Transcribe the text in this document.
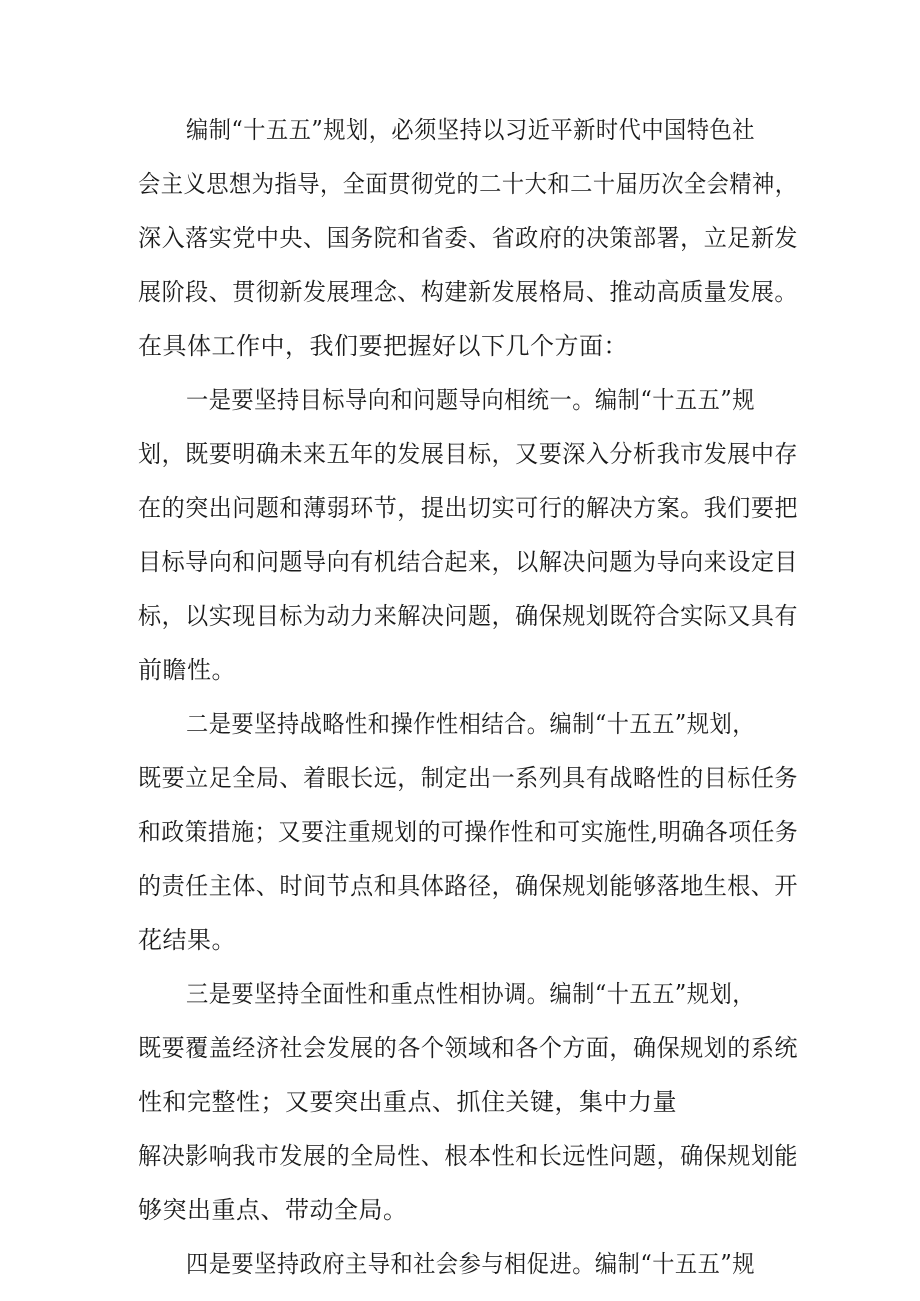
编制“十五五”规划，必须坚持以习近平新时代中国特色社
会主义思想为指导，全面贯彻党的二十大和二十届历次全会精神，
深入落实党中央、国务院和省委、省政府的决策部署，立足新发
展阶段、贯彻新发展理念、构建新发展格局、推动高质量发展。
在具体工作中，我们要把握好以下几个方面：
一是要坚持目标导向和问题导向相统一。编制“十五五”规
划，既要明确未来五年的发展目标，又要深入分析我市发展中存
在的突出问题和薄弱环节，提出切实可行的解决方案。我们要把
目标导向和问题导向有机结合起来，以解决问题为导向来设定目
标，以实现目标为动力来解决问题，确保规划既符合实际又具有
前瞻性。
二是要坚持战略性和操作性相结合。编制“十五五”规划，
既要立足全局、着眼长远，制定出一系列具有战略性的目标任务
和政策措施；又要注重规划的可操作性和可实施性,明确各项任务
的责任主体、时间节点和具体路径，确保规划能够落地生根、开
花结果。
三是要坚持全面性和重点性相协调。编制“十五五”规划，
既要覆盖经济社会发展的各个领域和各个方面，确保规划的系统
性和完整性；又要突出重点、抓住关键，集中力量
解决影响我市发展的全局性、根本性和长远性问题，确保规划能
够突出重点、带动全局。
四是要坚持政府主导和社会参与相促进。编制“十五五”规
